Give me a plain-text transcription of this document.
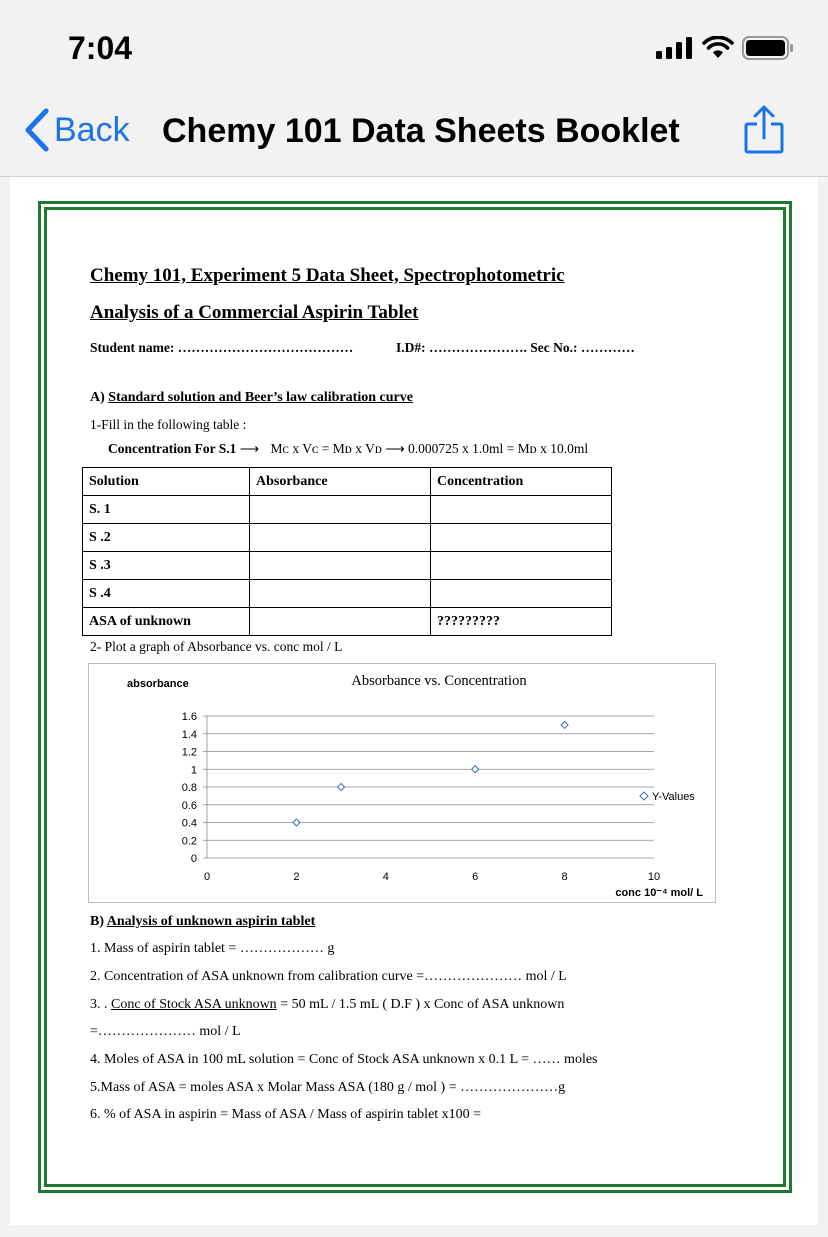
7:04
Back Chemy 101 Data Sheets Booklet
Chemy 101, Experiment 5 Data Sheet, Spectrophotometric
Analysis of a Commercial Aspirin Tablet
Student name: …………………………………	I.D#: …………………. Sec No.: …………
A) Standard solution and Beer’s law calibration curve
1-Fill in the following table :
Concentration For S.1 ⟶ Mᴄ x Vᴄ = Mᴅ x Vᴅ ⟶ 0.000725 x 1.0ml = Mᴅ x 10.0ml
Solution	Absorbance	Concentration
S. 1		
S .2		
S .3		
S .4		
ASA of unknown		?????????
2- Plot a graph of Absorbance vs. conc mol / L
absorbance	Absorbance vs. Concentration
0
0.2
0.4
0.6
0.8
1
1.2
1.4
1.6
0	2	4	6	8	10
Y-Values
conc 10⁻⁴ mol/ L
B) Analysis of unknown aspirin tablet
1. Mass of aspirin tablet = ……………… g
2. Concentration of ASA unknown from calibration curve =………………… mol / L
3. . Conc of Stock ASA unknown = 50 mL / 1.5 mL ( D.F ) x Conc of ASA unknown
=………………… mol / L
4. Moles of ASA in 100 mL solution = Conc of Stock ASA unknown x 0.1 L = …… moles
5.Mass of ASA = moles ASA x Molar Mass ASA (180 g / mol ) = …………………g
6. % of ASA in aspirin = Mass of ASA / Mass of aspirin tablet x100 =
